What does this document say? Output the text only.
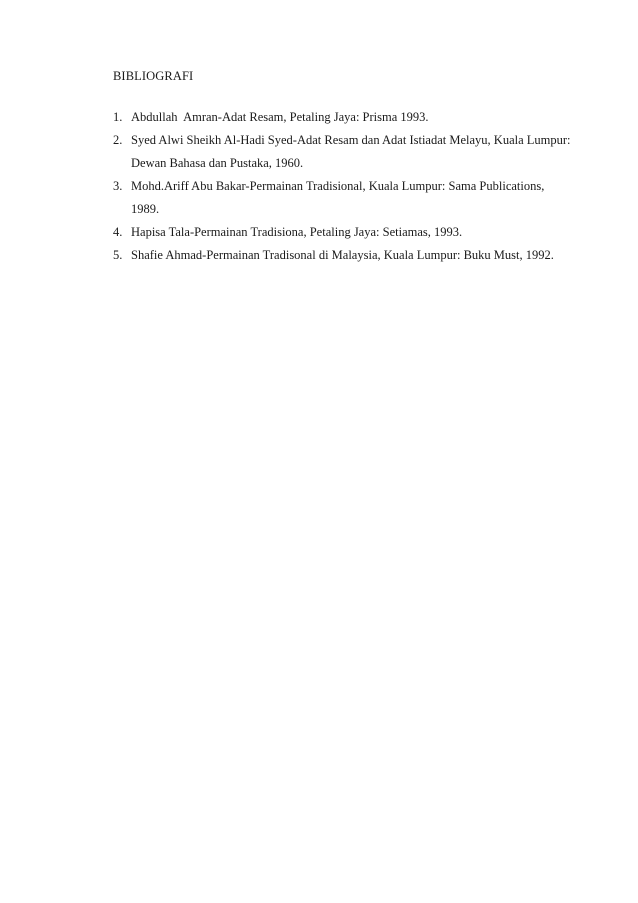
BIBLIOGRAFI
1. Abdullah  Amran-Adat Resam, Petaling Jaya: Prisma 1993.
2. Syed Alwi Sheikh Al-Hadi Syed-Adat Resam dan Adat Istiadat Melayu, Kuala Lumpur: Dewan Bahasa dan Pustaka, 1960.
3. Mohd.Ariff Abu Bakar-Permainan Tradisional, Kuala Lumpur: Sama Publications, 1989.
4. Hapisa Tala-Permainan Tradisiona, Petaling Jaya: Setiamas, 1993.
5. Shafie Ahmad-Permainan Tradisonal di Malaysia, Kuala Lumpur: Buku Must, 1992.
